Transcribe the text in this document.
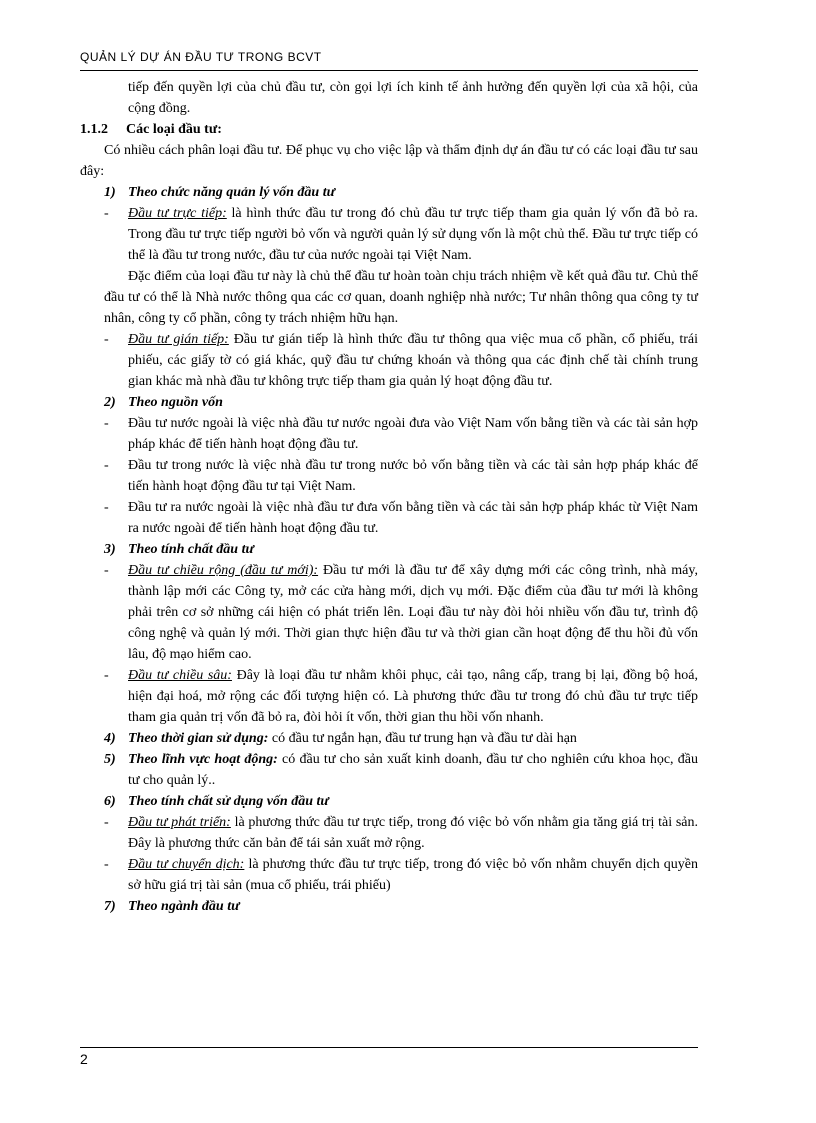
QUẢN LÝ DỰ ÁN ĐẦU TƯ TRONG BCVT

tiếp đến quyền lợi của chủ đầu tư, còn gọi lợi ích kinh tế ảnh hưởng đến quyền lợi của xã hội, của cộng đồng.

1.1.2 Các loại đầu tư:

Có nhiều cách phân loại đầu tư. Để phục vụ cho việc lập và thẩm định dự án đầu tư có các loại đầu tư sau đây:

1) Theo chức năng quản lý vốn đầu tư

- Đầu tư trực tiếp: là hình thức đầu tư trong đó chủ đầu tư trực tiếp tham gia quản lý vốn đã bỏ ra. Trong đầu tư trực tiếp người bỏ vốn và người quản lý sử dụng vốn là một chủ thể. Đầu tư trực tiếp có thể là đầu tư trong nước, đầu tư của nước ngoài tại Việt Nam.

Đặc điểm của loại đầu tư này là chủ thể đầu tư hoàn toàn chịu trách nhiệm về kết quả đầu tư. Chủ thể đầu tư có thể là Nhà nước thông qua các cơ quan, doanh nghiệp nhà nước; Tư nhân thông qua công ty tư nhân, công ty cổ phần, công ty trách nhiệm hữu hạn.

- Đầu tư gián tiếp: Đầu tư gián tiếp là hình thức đầu tư thông qua việc mua cổ phần, cổ phiếu, trái phiếu, các giấy tờ có giá khác, quỹ đầu tư chứng khoán và thông qua các định chế tài chính trung gian khác mà nhà đầu tư không trực tiếp tham gia quản lý hoạt động đầu tư.

2) Theo nguồn vốn

- Đầu tư nước ngoài là việc nhà đầu tư nước ngoài đưa vào Việt Nam vốn bằng tiền và các tài sản hợp pháp khác để tiến hành hoạt động đầu tư.

- Đầu tư trong nước là việc nhà đầu tư trong nước bỏ vốn bằng tiền và các tài sản hợp pháp khác để tiến hành hoạt động đầu tư tại Việt Nam.

- Đầu tư ra nước ngoài là việc nhà đầu tư đưa vốn bằng tiền và các tài sản hợp pháp khác từ Việt Nam ra nước ngoài để tiến hành hoạt động đầu tư.

3) Theo tính chất đầu tư

- Đầu tư chiều rộng (đầu tư mới): Đầu tư mới là đầu tư để xây dựng mới các công trình, nhà máy, thành lập mới các Công ty, mở các cửa hàng mới, dịch vụ mới. Đặc điểm của đầu tư mới là không phải trên cơ sở những cái hiện có phát triển lên. Loại đầu tư này đòi hỏi nhiều vốn đầu tư, trình độ công nghệ và quản lý mới. Thời gian thực hiện đầu tư và thời gian cần hoạt động để thu hồi đủ vốn lâu, độ mạo hiểm cao.

- Đầu tư chiều sâu: Đây là loại đầu tư nhằm khôi phục, cải tạo, nâng cấp, trang bị lại, đồng bộ hoá, hiện đại hoá, mở rộng các đối tượng hiện có. Là phương thức đầu tư trong đó chủ đầu tư trực tiếp tham gia quản trị vốn đã bỏ ra, đòi hỏi ít vốn, thời gian thu hồi vốn nhanh.

4) Theo thời gian sử dụng: có đầu tư ngắn hạn, đầu tư trung hạn và đầu tư dài hạn

5) Theo lĩnh vực hoạt động: có đầu tư cho sản xuất kinh doanh, đầu tư cho nghiên cứu khoa học, đầu tư cho quản lý..

6) Theo tính chất sử dụng vốn đầu tư

- Đầu tư phát triển: là phương thức đầu tư trực tiếp, trong đó việc bỏ vốn nhằm gia tăng giá trị tài sản. Đây là phương thức căn bản để tái sản xuất mở rộng.

- Đầu tư chuyển dịch: là phương thức đầu tư trực tiếp, trong đó việc bỏ vốn nhằm chuyển dịch quyền sở hữu giá trị tài sản (mua cổ phiếu, trái phiếu)

7) Theo ngành đầu tư

2
